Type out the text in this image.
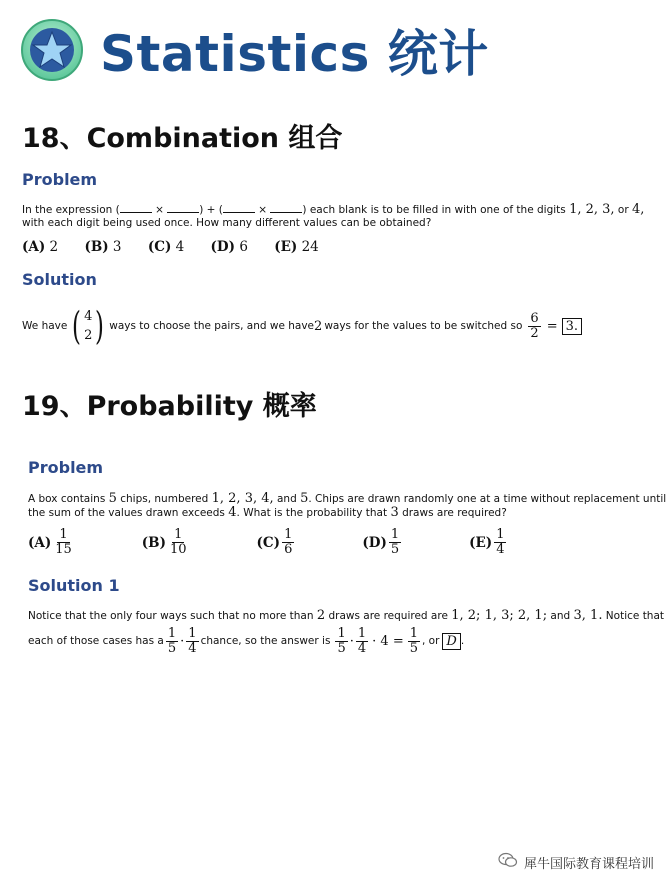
Statistics 统计
18、Combination 组合
Problem
In the expression (	×	) + (	×	) each blank is to be filled in with one of the digits 1, 2, 3, or 4,
with each digit being used once. How many different values can be obtained?
(A) 2 (B) 3 (C) 4 (D) 6 (E) 24
Solution
We have ( 4
2 ) ways to choose the pairs, and we have 2 ways for the values to be switched so $\frac{6}{2} = 3$.
19、Probability 概率
Problem
A box contains 5 chips, numbered 1, 2, 3, 4, and 5. Chips are drawn randomly one at a time without replacement until
the sum of the values drawn exceeds 4. What is the probability that 3 draws are required?
$(A) \frac{1}{15}$	$(B) \frac{1}{10}$	$(C) \frac{1}{6}$	$(D) \frac{1}{5}$	$(E) \frac{1}{4}$
Solution 1
Notice that the only four ways such that no more than 2 draws are required are 1, 2; 1, 3; 2, 1; and 3, 1. Notice that
each of those cases has a $\frac{1}{5} \cdot \frac{1}{4}$ chance, so the answer is $\frac{1}{5} \cdot \frac{1}{4} \cdot 4 = \frac{1}{5}$ , or D .
犀牛国际教育课程培训
